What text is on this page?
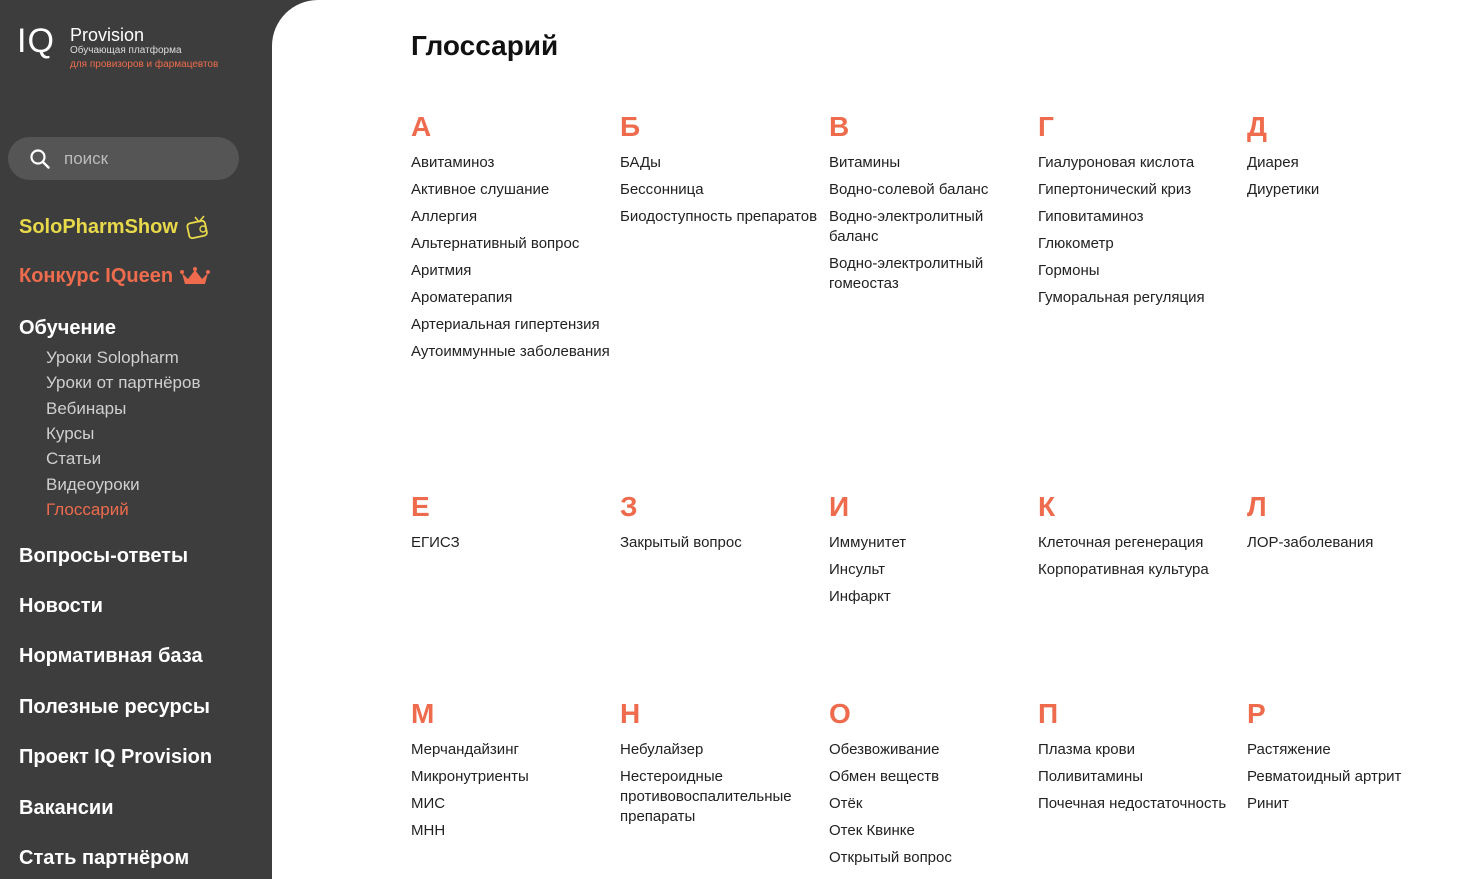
IQ Provision
Обучающая платформа
для провизоров и фармацевтов
поиск
SoloPharmShow
Конкурс IQueen
Обучение
Уроки Solopharm
Уроки от партнёров
Вебинары
Курсы
Статьи
Видеоуроки
Глоссарий
Вопросы-ответы
Новости
Нормативная база
Полезные ресурсы
Проект IQ Provision
Вакансии
Стать партнёром
Глоссарий
А
Авитаминоз
Активное слушание
Аллергия
Альтернативный вопрос
Аритмия
Ароматерапия
Артериальная гипертензия
Аутоиммунные заболевания
Б
БАДы
Бессонница
Биодоступность препаратов
В
Витамины
Водно-солевой баланс
Водно-электролитный баланс
Водно-электролитный гомеостаз
Г
Гиалуроновая кислота
Гипертонический криз
Гиповитаминоз
Глюкометр
Гормоны
Гуморальная регуляция
Д
Диарея
Диуретики
Е
ЕГИСЗ
З
Закрытый вопрос
И
Иммунитет
Инсульт
Инфаркт
К
Клеточная регенерация
Корпоративная культура
Л
ЛОР-заболевания
М
Мерчандайзинг
Микронутриенты
МИС
МНН
Н
Небулайзер
Нестероидные противовоспалительные препараты
О
Обезвоживание
Обмен веществ
Отёк
Отек Квинке
Открытый вопрос
П
Плазма крови
Поливитамины
Почечная недостаточность
Р
Растяжение
Ревматоидный артрит
Ринит
